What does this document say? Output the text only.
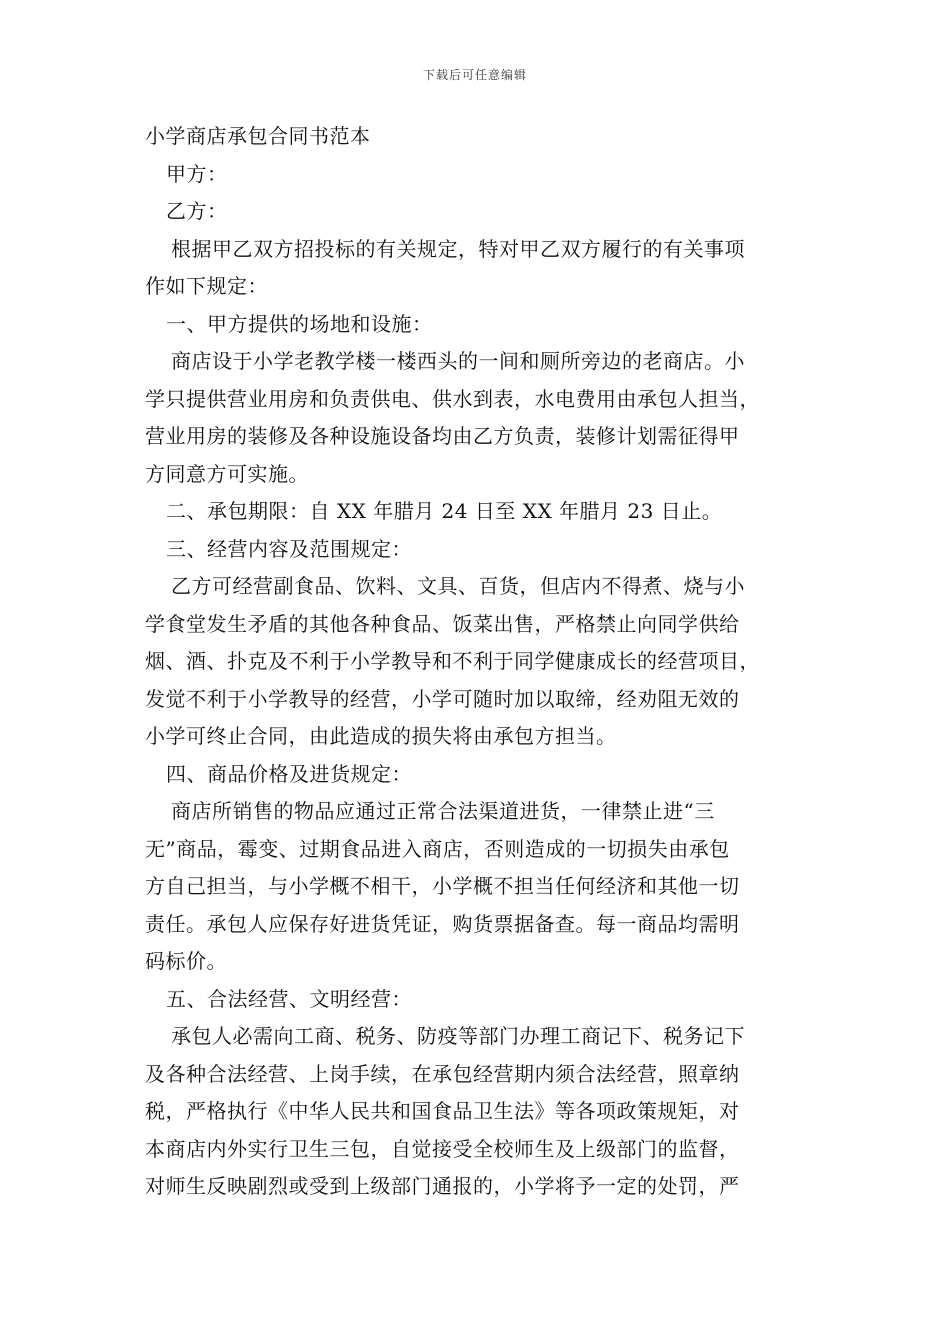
下载后可任意编辑
小学商店承包合同书范本
甲方：
乙方：
根据甲乙双方招投标的有关规定，特对甲乙双方履行的有关事项
作如下规定：
一、甲方提供的场地和设施：
商店设于小学老教学楼一楼西头的一间和厕所旁边的老商店。小
学只提供营业用房和负责供电、供水到表，水电费用由承包人担当，
营业用房的装修及各种设施设备均由乙方负责，装修计划需征得甲
方同意方可实施。
二、承包期限：自 XX 年腊月 24 日至 XX 年腊月 23 日止。
三、经营内容及范围规定：
乙方可经营副食品、饮料、文具、百货，但店内不得煮、烧与小
学食堂发生矛盾的其他各种食品、饭菜出售，严格禁止向同学供给
烟、酒、扑克及不利于小学教导和不利于同学健康成长的经营项目，
发觉不利于小学教导的经营，小学可随时加以取缔，经劝阻无效的
小学可终止合同，由此造成的损失将由承包方担当。
四、商品价格及进货规定：
商店所销售的物品应通过正常合法渠道进货，一律禁止进“三
无”商品，霉变、过期食品进入商店，否则造成的一切损失由承包
方自己担当，与小学概不相干，小学概不担当任何经济和其他一切
责任。承包人应保存好进货凭证，购货票据备查。每一商品均需明
码标价。
五、合法经营、文明经营：
承包人必需向工商、税务、防疫等部门办理工商记下、税务记下
及各种合法经营、上岗手续，在承包经营期内须合法经营，照章纳
税，严格执行《中华人民共和国食品卫生法》等各项政策规矩，对
本商店内外实行卫生三包，自觉接受全校师生及上级部门的监督，
对师生反映剧烈或受到上级部门通报的，小学将予一定的处罚，严
